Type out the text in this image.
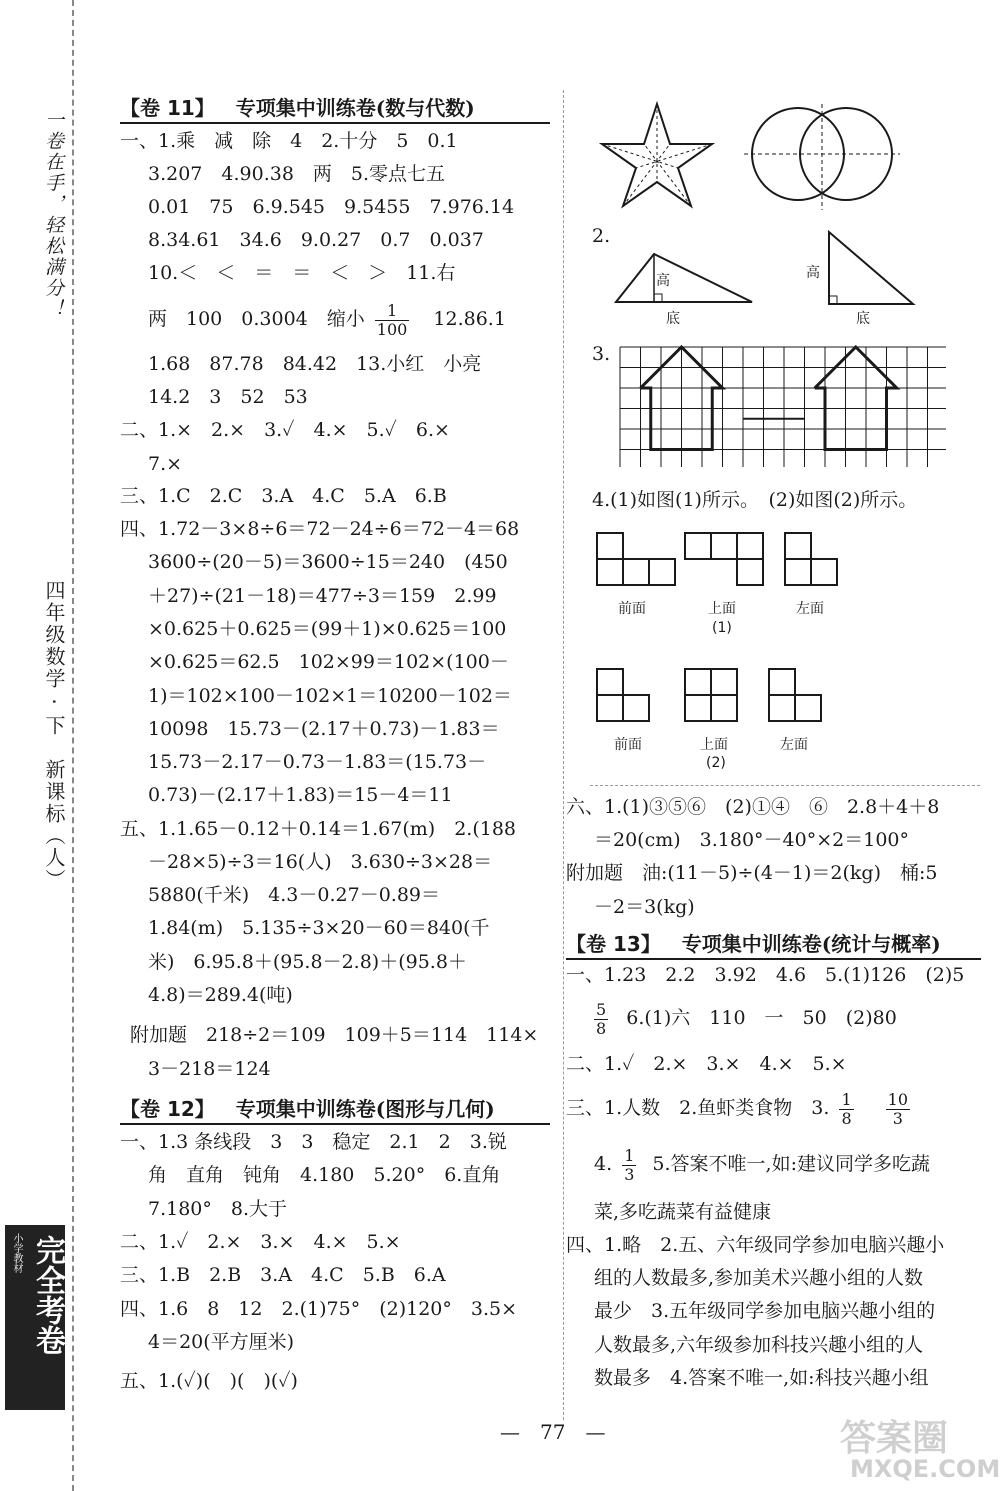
一卷在手，轻松满分！
四年级数学 · 下　新课标（人）
小学教材 完全考卷
【卷 11】 专项集中训练卷(数与代数)
一、1.乘　减　除　4　2.十分　5　0.1
3.207　4.90.38　两　5.零点七五
0.01　75　6.9.545　9.5455　7.976.14
8.34.61　34.6　9.0.27　0.7　0.037
10.＜　＜　＝　＝　＜　＞　11.右
两　100　0.3004　缩小 $\frac{1}{100} 12.86.1$
1.68　87.78　84.42　13.小红　小亮
14.2　3　52　53
二、1.×　2.×　3.✓　4.×　5.✓　6.×
7.×
三、1.C　2.C　3.A　4.C　5.A　6.B
四、1.72－3×8÷6＝72－24÷6＝72－4＝68
3600÷(20－5)＝3600÷15＝240　(450
＋27)÷(21－18)＝477÷3＝159　2.99
×0.625＋0.625＝(99＋1)×0.625＝100
×0.625＝62.5　102×99＝102×(100－
1)＝102×100－102×1＝10200－102＝
10098　15.73－(2.17＋0.73)－1.83＝
15.73－2.17－0.73－1.83＝(15.73－
0.73)－(2.17＋1.83)＝15－4＝11
五、1.1.65－0.12＋0.14＝1.67(m)　2.(188
－28×5)÷3＝16(人)　3.630÷3×28＝
5880(千米)　4.3－0.27－0.89＝
1.84(m)　5.135÷3×20－60＝840(千
米)　6.95.8＋(95.8－2.8)＋(95.8＋
4.8)＝289.4(吨)
附加题　218÷2＝109　109＋5＝114　114×
3－218＝124
【卷 12】 专项集中训练卷(图形与几何)
一、1.3 条线段　3　3　稳定　2.1　2　3.锐
角　直角　钝角　4.180　5.20°　6.直角
7.180°　8.大于
二、1.✓　2.×　3.×　4.×　5.×
三、1.B　2.B　3.A　4.C　5.B　6.A
四、1.6　8　12　2.(1)75°　(2)120°　3.5×
4＝20(平方厘米)
五、1.(✓)(　)(　)(✓)
2.
高
底
高
底
3.
4.(1)如图(1)所示。　(2)如图(2)所示。
前面	上面	左面
(1)
前面	上面	左面
(2)
六、1.(1)③⑤⑥　(2)①④　⑥　2.8＋4＋8
＝20(cm)　3.180°－40°×2＝100°
附加题　油:(11－5)÷(4－1)＝2(kg)　桶:5
－2＝3(kg)
【卷 13】 专项集中训练卷(统计与概率)
一、1.23　2.2　3.92　4.6　5.(1)126　(2)5
$\frac{5}{8} 6.(1)$六　110　一　50　(2)80
二、1.✓　2.×　3.×　4.×　5.×
三、1.人数　2.鱼虾类食物　3. $\frac{1}{8}$
$\frac{10}{3}$
4. $\frac{1}{3} 5$.答案不唯一,如:建议同学多吃蔬
菜,多吃蔬菜有益健康
四、1.略　2.五、六年级同学参加电脑兴趣小
组的人数最多,参加美术兴趣小组的人数
最少　3.五年级同学参加电脑兴趣小组的
人数最多,六年级参加科技兴趣小组的人
数最多　4.答案不唯一,如:科技兴趣小组
—　77　—	答案圈
MXQE.COM
